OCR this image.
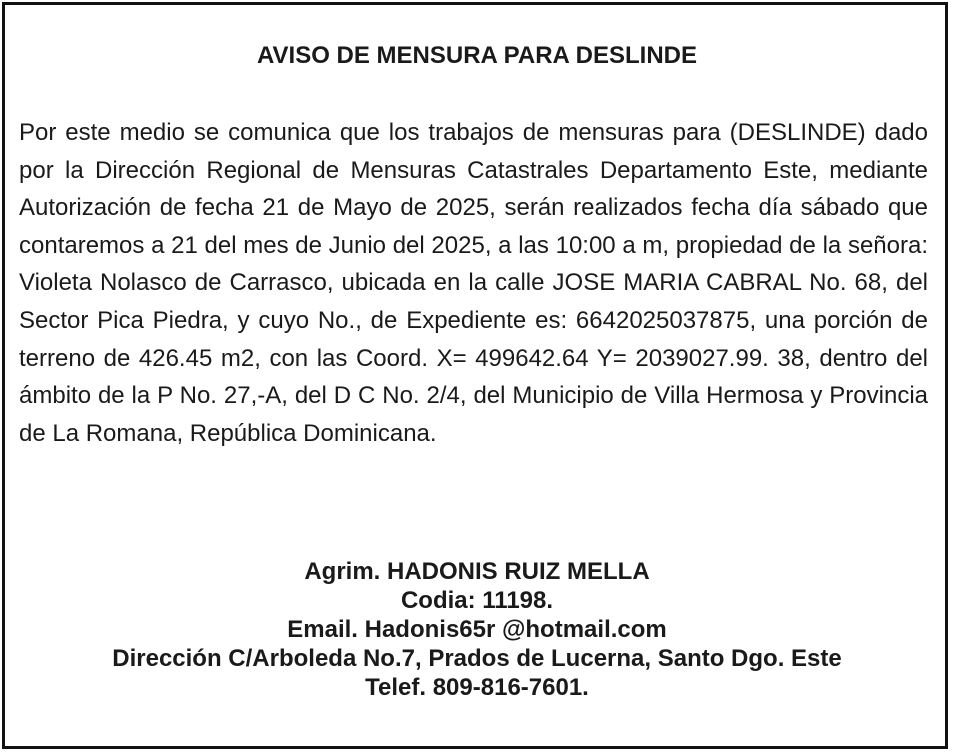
AVISO DE MENSURA PARA DESLINDE
Por este medio se comunica que los trabajos de mensuras para (DESLINDE) dado por la Dirección Regional de Mensuras Catastrales Departamento Este, mediante Autorización de fecha 21 de Mayo de 2025, serán realizados fecha día sábado que contaremos a 21 del mes de Junio del 2025, a las 10:00 a m, propiedad de la señora: Violeta Nolasco de Carrasco, ubicada en la calle JOSE MARIA CABRAL No. 68, del Sector Pica Piedra, y cuyo No., de Expediente es: 6642025037875, una porción de terreno de 426.45 m2, con las Coord. X= 499642.64 Y= 2039027.99. 38, dentro del ámbito de la P No. 27,-A, del D C No. 2/4, del Municipio de Villa Hermosa y Provincia de La Romana, República Dominicana.
Agrim. HADONIS RUIZ MELLA
Codia: 11198.
Email. Hadonis65r @hotmail.com
Dirección C/Arboleda No.7, Prados de Lucerna, Santo Dgo. Este
Telef. 809-816-7601.
